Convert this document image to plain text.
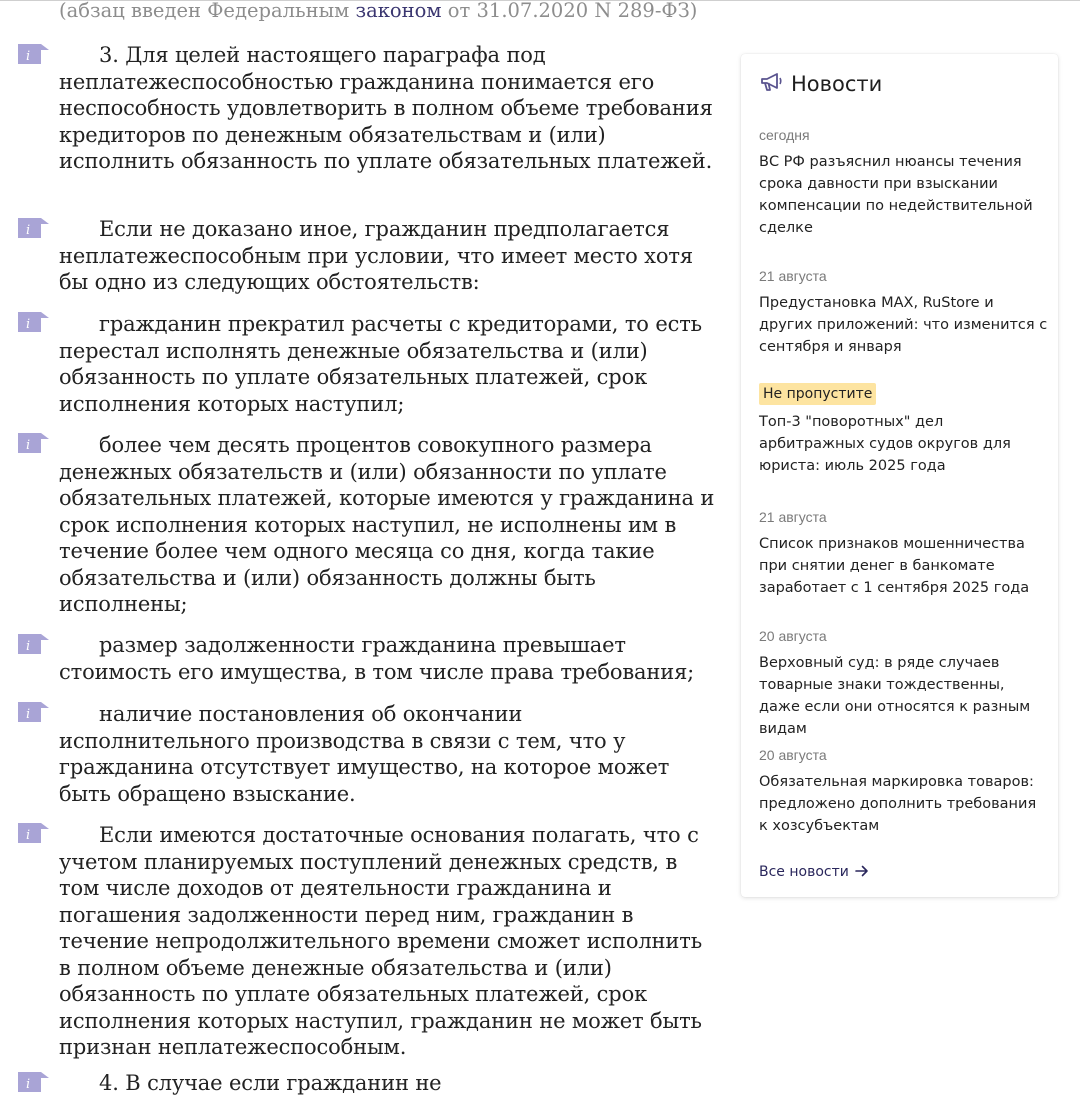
(абзац введен Федеральным законом от 31.07.2020 N 289-ФЗ)

i
i
i
i
i
i
i
i

3. Для целей настоящего параграфа под неплатежеспособностью гражданина понимается его неспособность удовлетворить в полном объеме требования кредиторов по денежным обязательствам и (или) исполнить обязанность по уплате обязательных платежей.

Если не доказано иное, гражданин предполагается неплатежеспособным при условии, что имеет место хотя бы одно из следующих обстоятельств:

гражданин прекратил расчеты с кредиторами, то есть перестал исполнять денежные обязательства и (или) обязанность по уплате обязательных платежей, срок исполнения которых наступил;

более чем десять процентов совокупного размера денежных обязательств и (или) обязанности по уплате обязательных платежей, которые имеются у гражданина и срок исполнения которых наступил, не исполнены им в течение более чем одного месяца со дня, когда такие обязательства и (или) обязанность должны быть исполнены;

размер задолженности гражданина превышает стоимость его имущества, в том числе права требования;

наличие постановления об окончании исполнительного производства в связи с тем, что у гражданина отсутствует имущество, на которое может быть обращено взыскание.

Если имеются достаточные основания полагать, что с учетом планируемых поступлений денежных средств, в том числе доходов от деятельности гражданина и погашения задолженности перед ним, гражданин в течение непродолжительного времени сможет исполнить в полном объеме денежные обязательства и (или) обязанность по уплате обязательных платежей, срок исполнения которых наступил, гражданин не может быть признан неплатежеспособным.

4. В случае если гражданин не

Новости

сегодня

ВС РФ разъяснил нюансы течения срока давности при взыскании компенсации по недействительной сделке

21 августа

Предустановка MAX, RuStore и других приложений: что изменится с сентября и января

Не пропустите

Топ-3 "поворотных" дел арбитражных судов округов для юриста: июль 2025 года

21 августа

Список признаков мошенничества при снятии денег в банкомате заработает с 1 сентября 2025 года

20 августа

Верховный суд: в ряде случаев товарные знаки тождественны, даже если они относятся к разным видам

20 августа

Обязательная маркировка товаров: предложено дополнить требования к хозсубъектам

Все новости
